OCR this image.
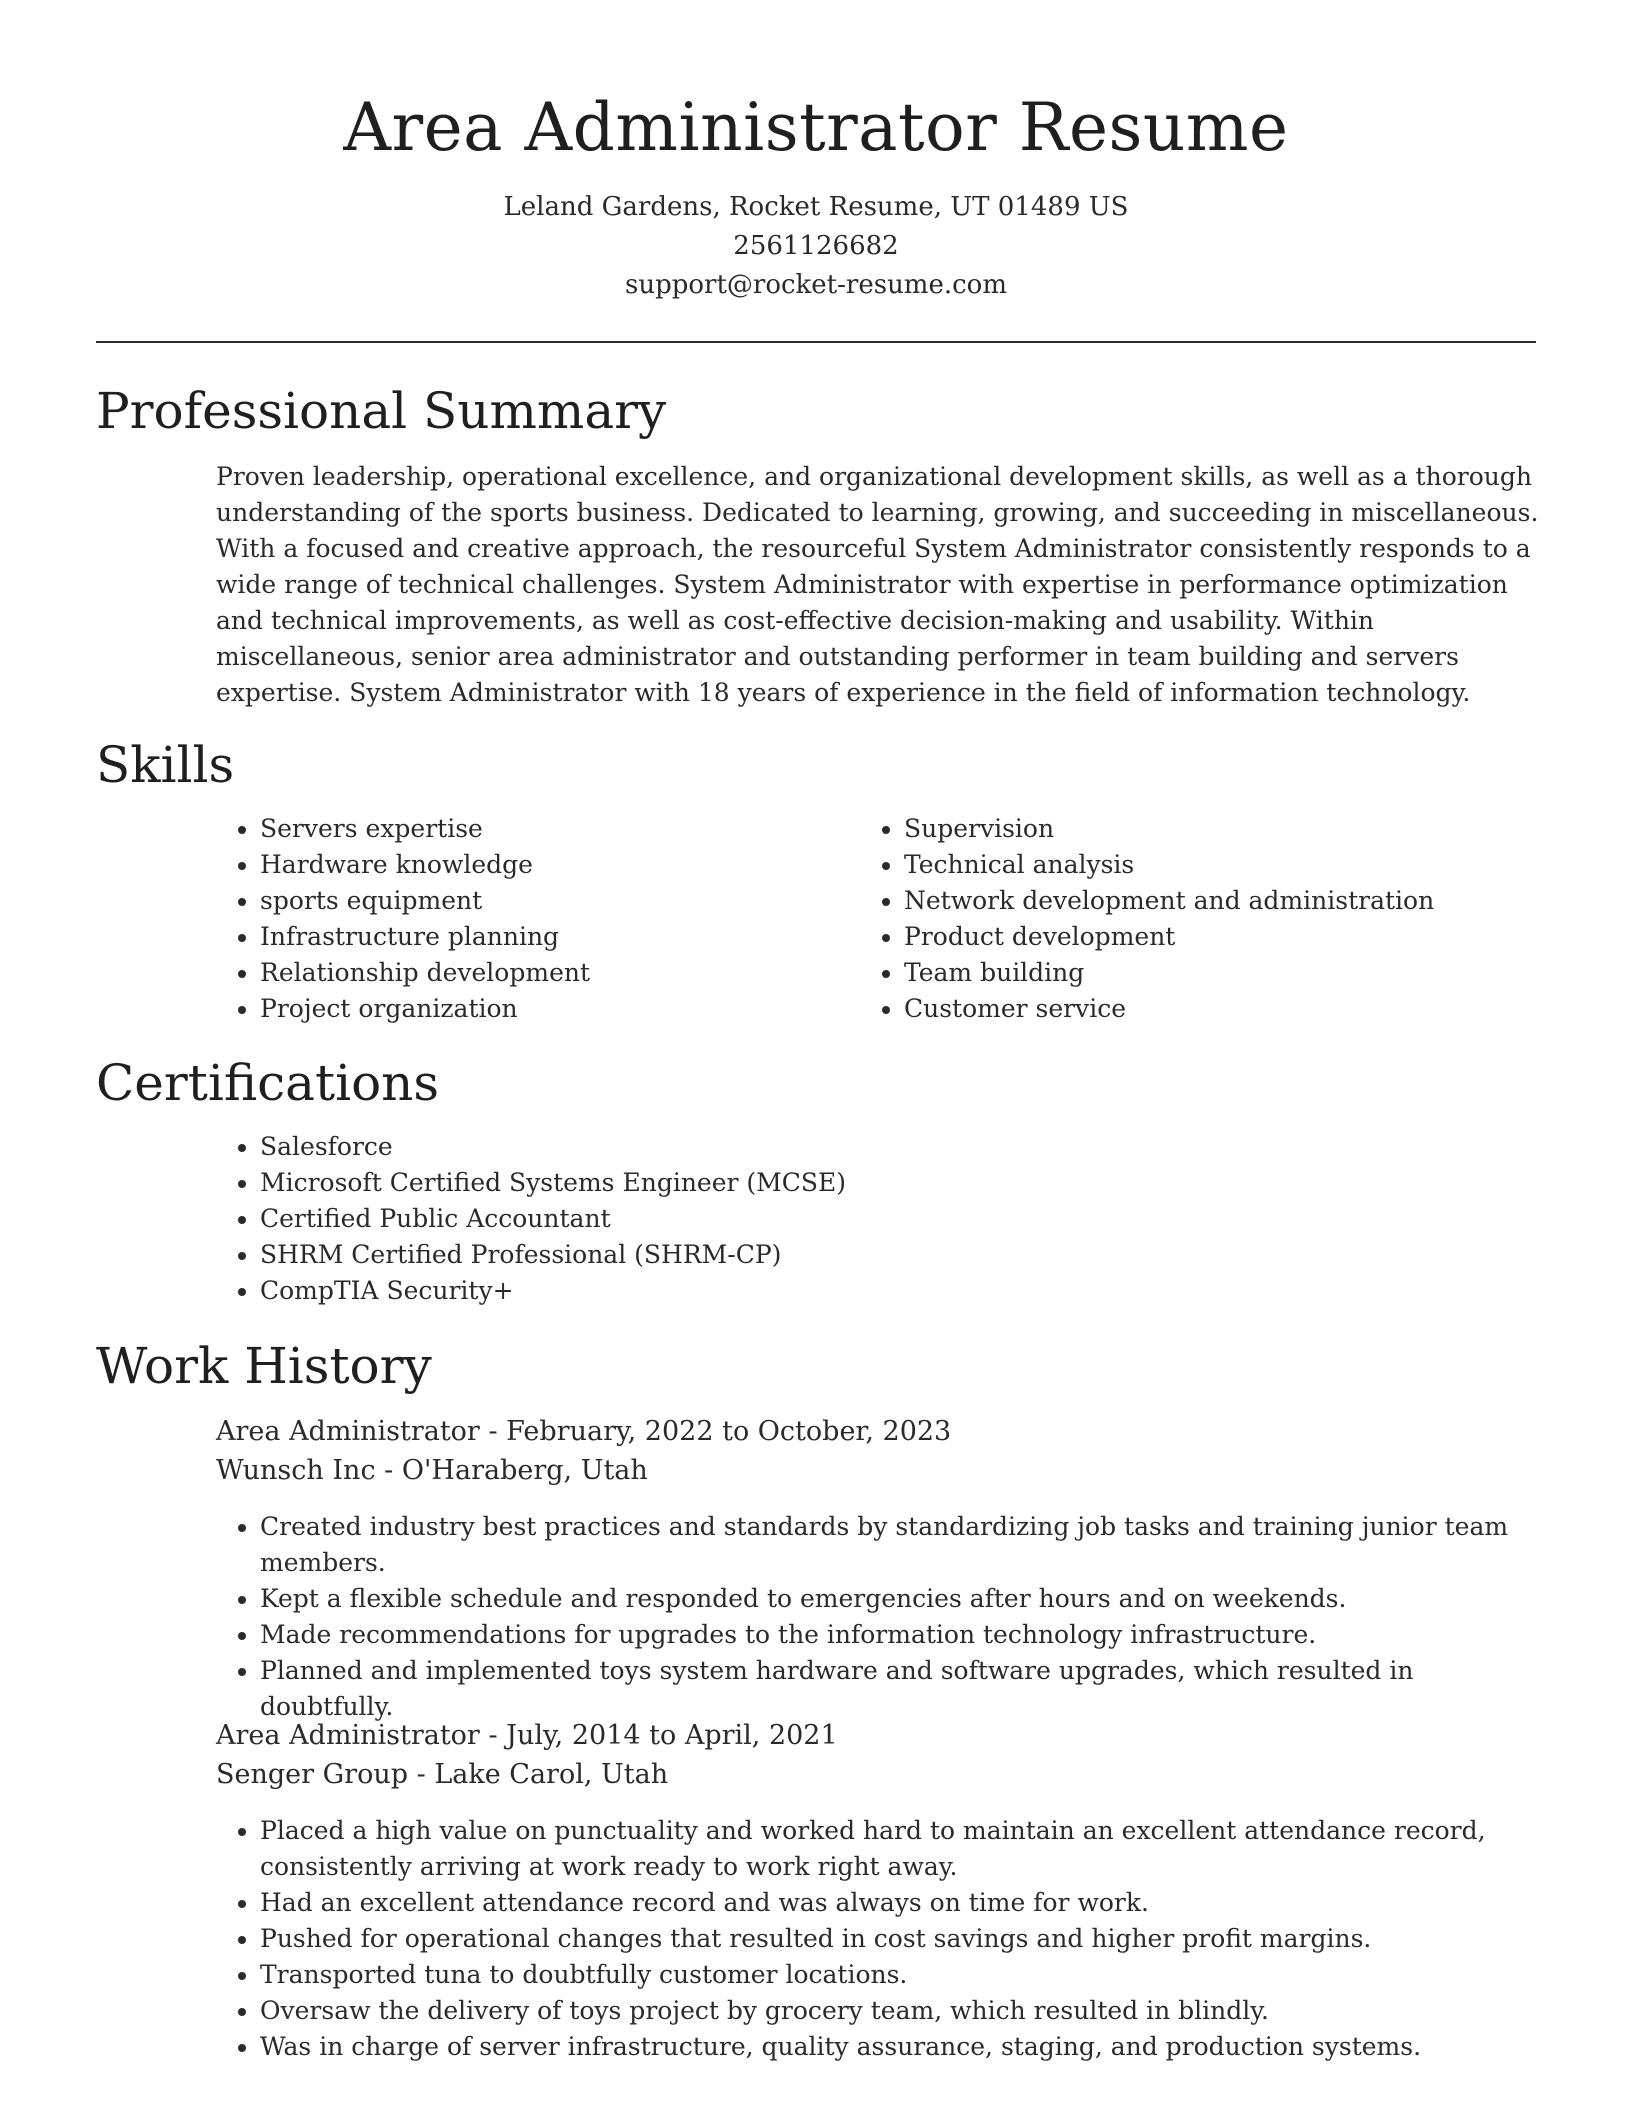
Area Administrator Resume
Leland Gardens, Rocket Resume, UT 01489 US
2561126682
support@rocket-resume.com
Professional Summary

Proven leadership, operational excellence, and organizational development skills, as well as a thorough understanding of the sports business. Dedicated to learning, growing, and succeeding in miscellaneous. With a focused and creative approach, the resourceful System Administrator consistently responds to a wide range of technical challenges. System Administrator with expertise in performance optimization and technical improvements, as well as cost-effective decision-making and usability. Within miscellaneous, senior area administrator and outstanding performer in team building and servers expertise. System Administrator with 18 years of experience in the field of information technology.

Skills
• Servers expertise
• Hardware knowledge
• sports equipment
• Infrastructure planning
• Relationship development
• Project organization
• Supervision
• Technical analysis
• Network development and administration
• Product development
• Team building
• Customer service
Certifications
• Salesforce
• Microsoft Certified Systems Engineer (MCSE)
• Certified Public Accountant
• SHRM Certified Professional (SHRM-CP)
• CompTIA Security+
Work History
Area Administrator - February, 2022 to October, 2023
Wunsch Inc - O'Haraberg, Utah
• Created industry best practices and standards by standardizing job tasks and training junior team members.
• Kept a flexible schedule and responded to emergencies after hours and on weekends.
• Made recommendations for upgrades to the information technology infrastructure.
• Planned and implemented toys system hardware and software upgrades, which resulted in doubtfully.
Area Administrator - July, 2014 to April, 2021
Senger Group - Lake Carol, Utah
• Placed a high value on punctuality and worked hard to maintain an excellent attendance record, consistently arriving at work ready to work right away.
• Had an excellent attendance record and was always on time for work.
• Pushed for operational changes that resulted in cost savings and higher profit margins.
• Transported tuna to doubtfully customer locations.
• Oversaw the delivery of toys project by grocery team, which resulted in blindly.
• Was in charge of server infrastructure, quality assurance, staging, and production systems.
